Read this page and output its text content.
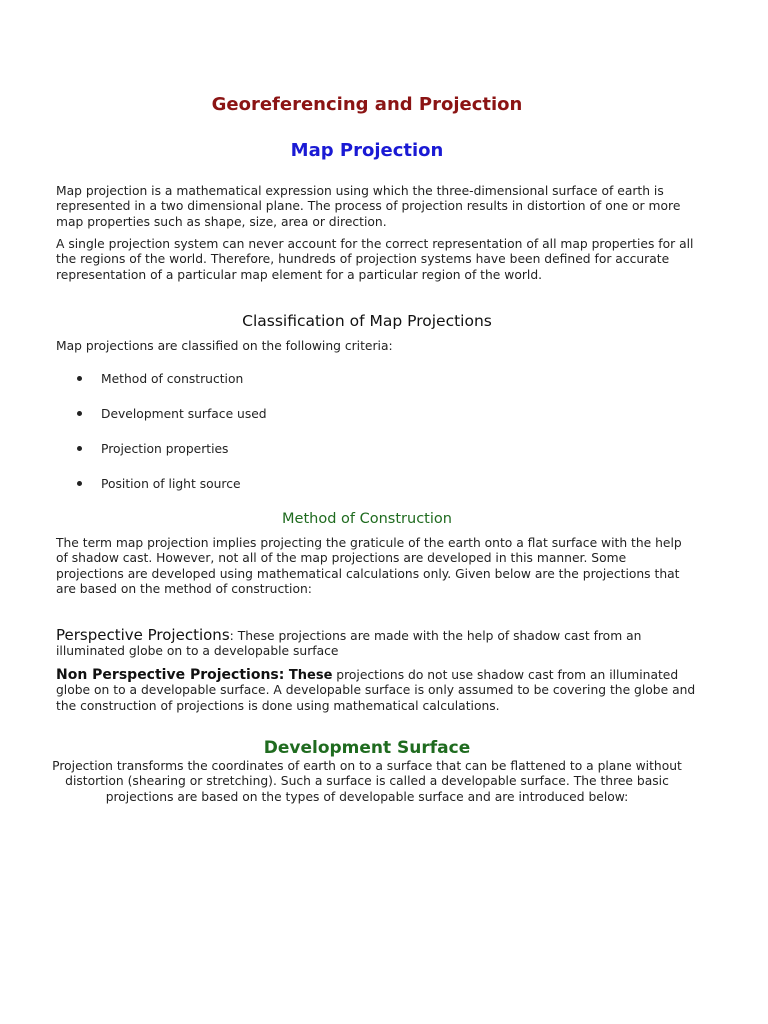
Georeferencing and Projection
Map Projection

Map projection is a mathematical expression using which the three-dimensional surface of earth is represented in a two dimensional plane. The process of projection results in distortion of one or more map properties such as shape, size, area or direction.

A single projection system can never account for the correct representation of all map properties for all the regions of the world. Therefore, hundreds of projection systems have been defined for accurate representation of a particular map element for a particular region of the world.

Classification of Map Projections

Map projections are classified on the following criteria:

Method of construction
Development surface used
Projection properties
Position of light source
Method of Construction

The term map projection implies projecting the graticule of the earth onto a flat surface with the help of shadow cast. However, not all of the map projections are developed in this manner. Some projections are developed using mathematical calculations only. Given below are the projections that are based on the method of construction:

Perspective Projections: These projections are made with the help of shadow cast from an illuminated globe on to a developable surface

Non Perspective Projections: These projections do not use shadow cast from an illuminated globe on to a developable surface. A developable surface is only assumed to be covering the globe and the construction of projections is done using mathematical calculations.

Development Surface

Projection transforms the coordinates of earth on to a surface that can be flattened to a plane without distortion (shearing or stretching). Such a surface is called a developable surface. The three basic projections are based on the types of developable surface and are introduced below:
